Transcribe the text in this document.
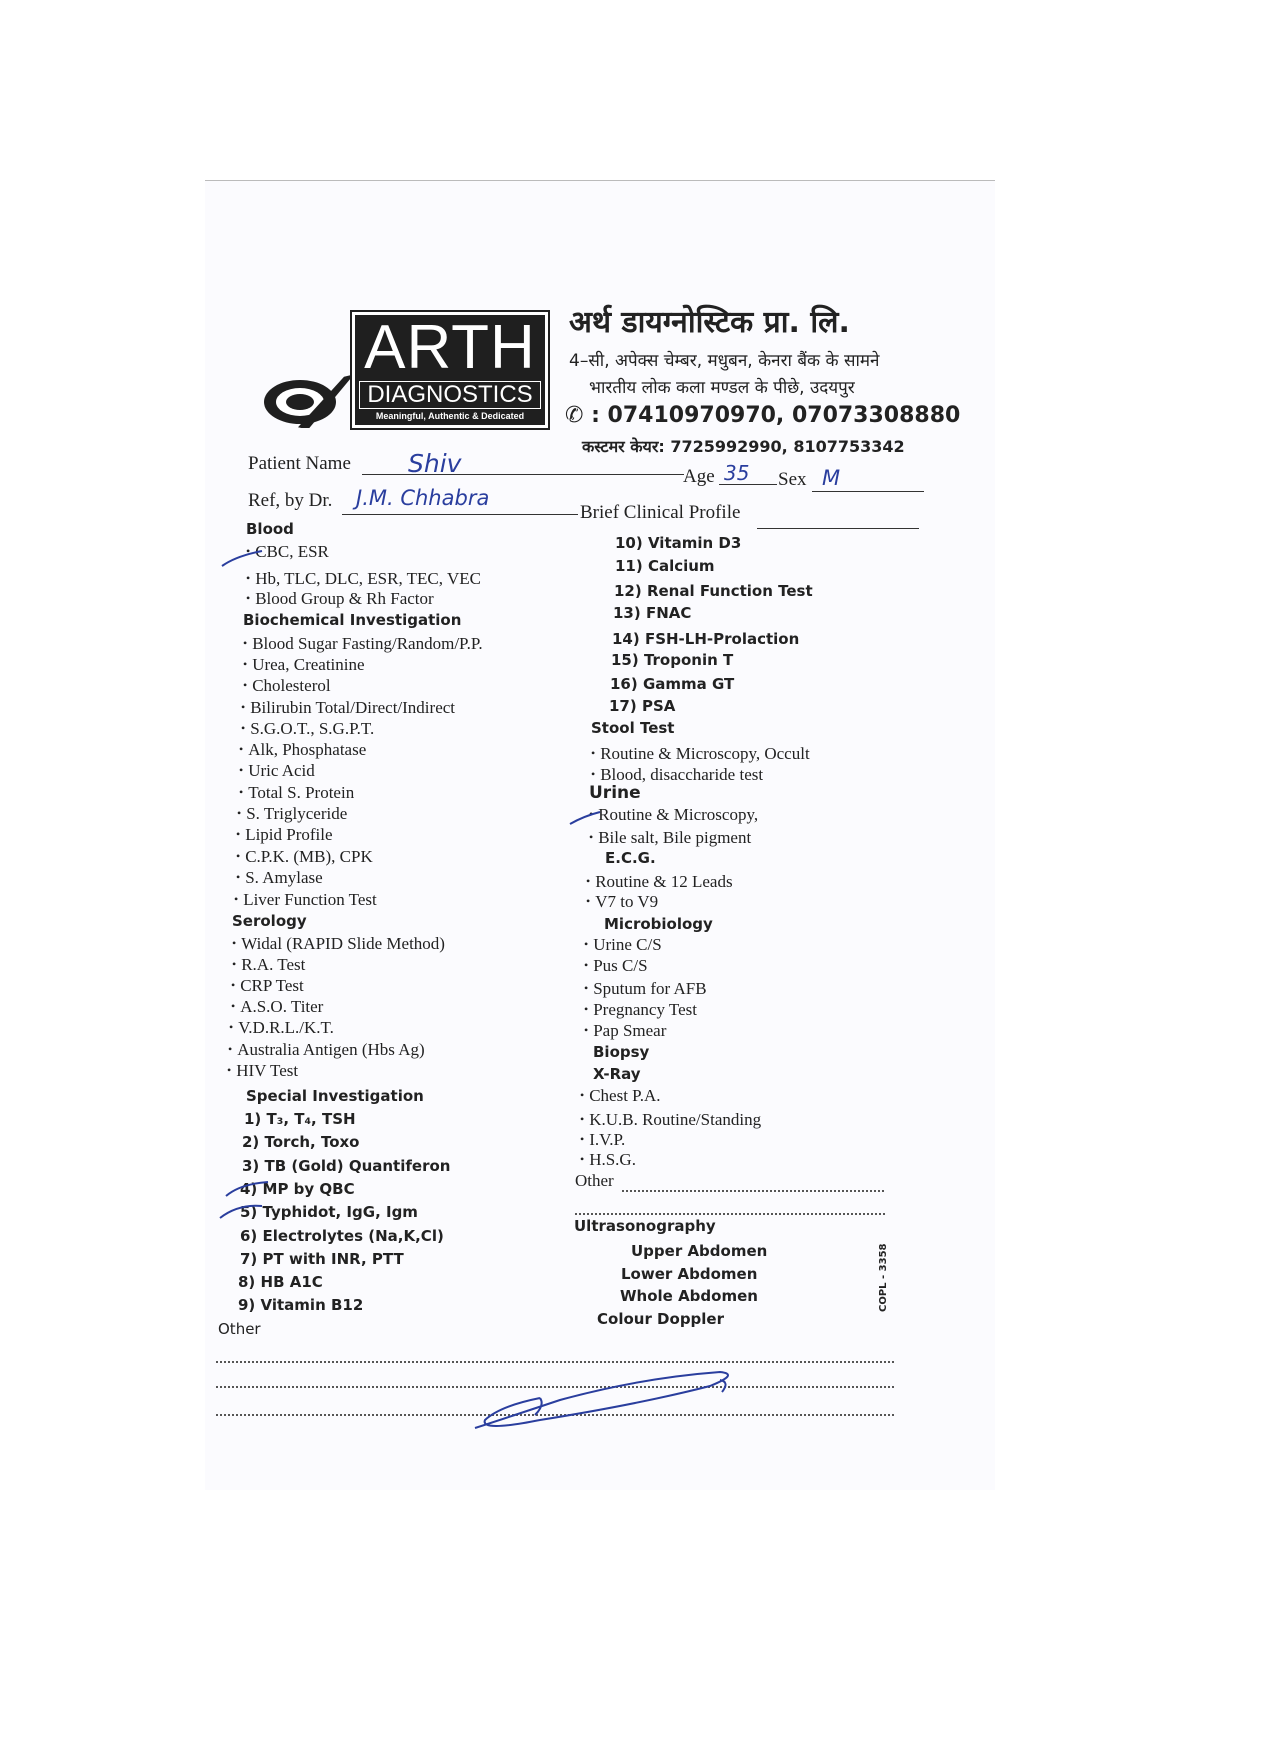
ARTH
DIAGNOSTICS
Meaningful, Authentic & Dedicated
अर्थ डायग्नोस्टिक प्रा. लि.
4–सी, अपेक्स चेम्बर, मधुबन, केनरा बैंक के सामने
भारतीय लोक कला मण्डल के पीछे, उदयपुर
✆ : 07410970970, 07073308880
कस्टमर केयर: 7725992990, 8107753342
Patient Name Shiv	Age 35 Sex M
Ref, by Dr. J.M. Chhabra
Brief Clinical Profile
Blood
• CBC, ESR
• Hb, TLC, DLC, ESR, TEC, VEC
• Blood Group & Rh Factor
Biochemical Investigation
• Blood Sugar Fasting/Random/P.P.
• Urea, Creatinine
• Cholesterol
• Bilirubin Total/Direct/Indirect
• S.G.O.T., S.G.P.T.
• Alk, Phosphatase
• Uric Acid
• Total S. Protein
• S. Triglyceride
• Lipid Profile
• C.P.K. (MB), CPK
• S. Amylase
• Liver Function Test
Serology
• Widal (RAPID Slide Method)
• R.A. Test
• CRP Test
• A.S.O. Titer
• V.D.R.L./K.T.
• Australia Antigen (Hbs Ag)
• HIV Test
Special Investigation
1) T₃, T₄, TSH
2) Torch, Toxo
3) TB (Gold) Quantiferon
4) MP by QBC
5) Typhidot, IgG, Igm
6) Electrolytes (Na,K,Cl)
7) PT with INR, PTT
8) HB A1C
9) Vitamin B12
Other
10) Vitamin D3
11) Calcium
12) Renal Function Test
13) FNAC
14) FSH-LH-Prolaction
15) Troponin T
16) Gamma GT
17) PSA
Stool Test
• Routine & Microscopy, Occult
• Blood, disaccharide test
Urine
• Routine & Microscopy,
• Bile salt, Bile pigment
E.C.G.
• Routine & 12 Leads
• V7 to V9
Microbiology
• Urine C/S
• Pus C/S
• Sputum for AFB
• Pregnancy Test
• Pap Smear
Biopsy
X-Ray
• Chest P.A.
• K.U.B. Routine/Standing
• I.V.P.
• H.S.G.
Other
Ultrasonography
Upper Abdomen
Lower Abdomen
Whole Abdomen
Colour Doppler
COPL - 3358
